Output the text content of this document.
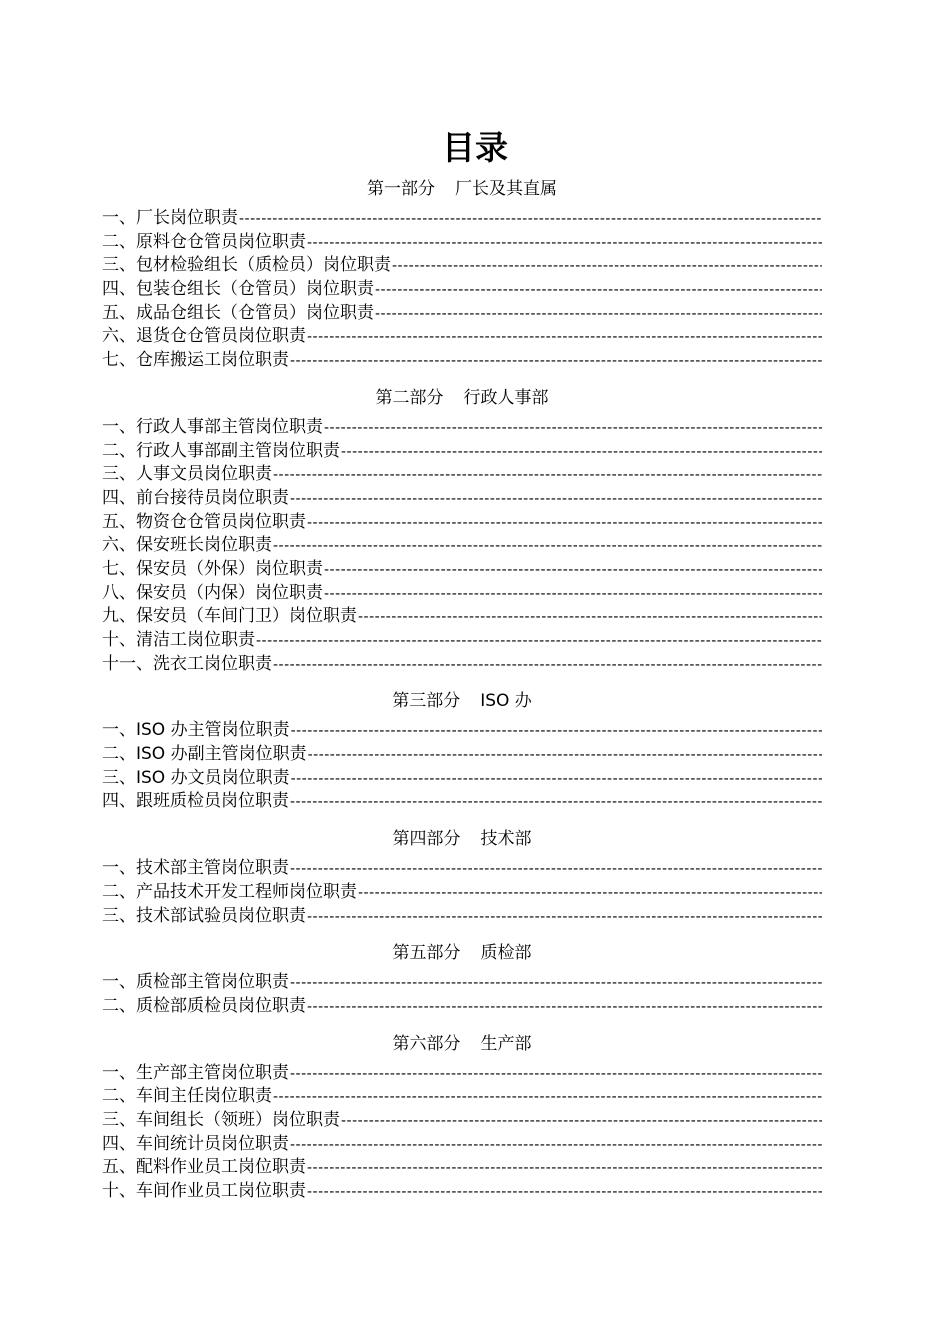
目录
第一部分 厂长及其直属
一、 厂长岗位职责
-----
二、 原料仓仓管员岗位职责
-----
三、 包材检验组长（质检员）岗位职责
-----
四、 包装仓组长（仓管员）岗位职责
-----
五、 成品仓组长（仓管员）岗位职责
-----
六、 退货仓仓管员岗位职责
-----
七、 仓库搬运工岗位职责
-----
第二部分 行政人事部
一、 行政人事部主管岗位职责
-----
二、 行政人事部副主管岗位职责
-----
三、 人事文员岗位职责
-----
四、 前台接待员岗位职责
-----
五、 物资仓仓管员岗位职责
-----
六、 保安班长岗位职责
-----
七、 保安员（外保）岗位职责
-----
八、 保安员（内保）岗位职责
-----
九、 保安员（车间门卫）岗位职责
-----
十、 清洁工岗位职责
-----
十一、 洗衣工岗位职责
-----
第三部分 ISO 办
一、 ISO 办主管岗位职责
-----
二、 ISO 办副主管岗位职责
-----
三、 ISO 办文员岗位职责
-----
四、 跟班质检员岗位职责
-----
第四部分 技术部
一、 技术部主管岗位职责
-----
二、 产品技术开发工程师岗位职责
-----
三、 技术部试验员岗位职责
-----
第五部分 质检部
一、 质检部主管岗位职责
-----
二、 质检部质检员岗位职责
-----
第六部分 生产部
一、 生产部主管岗位职责
-----
二、 车间主任岗位职责
-----
三、 车间组长（领班）岗位职责
-----
四、 车间统计员岗位职责
-----
五、 配料作业员工岗位职责
-----
十、 车间作业员工岗位职责
-----
